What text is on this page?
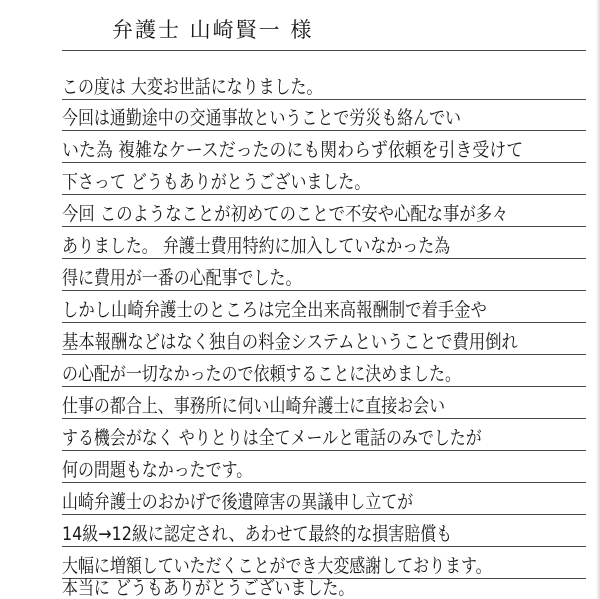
弁護士 山崎賢一 様
この度は 大変お世話になりました。
今回は通勤途中の交通事故ということで労災も絡んでい
いた為 複雑なケースだったのにも関わらず依頼を引き受けて
下さって どうもありがとうございました。
今回 このようなことが初めてのことで不安や心配な事が多々
ありました。 弁護士費用特約に加入していなかった為
得に費用が一番の心配事でした。
しかし山崎弁護士のところは完全出来高報酬制で着手金や
基本報酬などはなく独自の料金システムということで費用倒れ
の心配が一切なかったので依頼することに決めました。
仕事の都合上、事務所に伺い山崎弁護士に直接お会い
する機会がなく やりとりは全てメールと電話のみでしたが
何の問題もなかったです。
山崎弁護士のおかげで後遺障害の異議申し立てが
14級→12級に認定され、あわせて最終的な損害賠償も
大幅に増額していただくことができ大変感謝しております。
本当に どうもありがとうございました。
